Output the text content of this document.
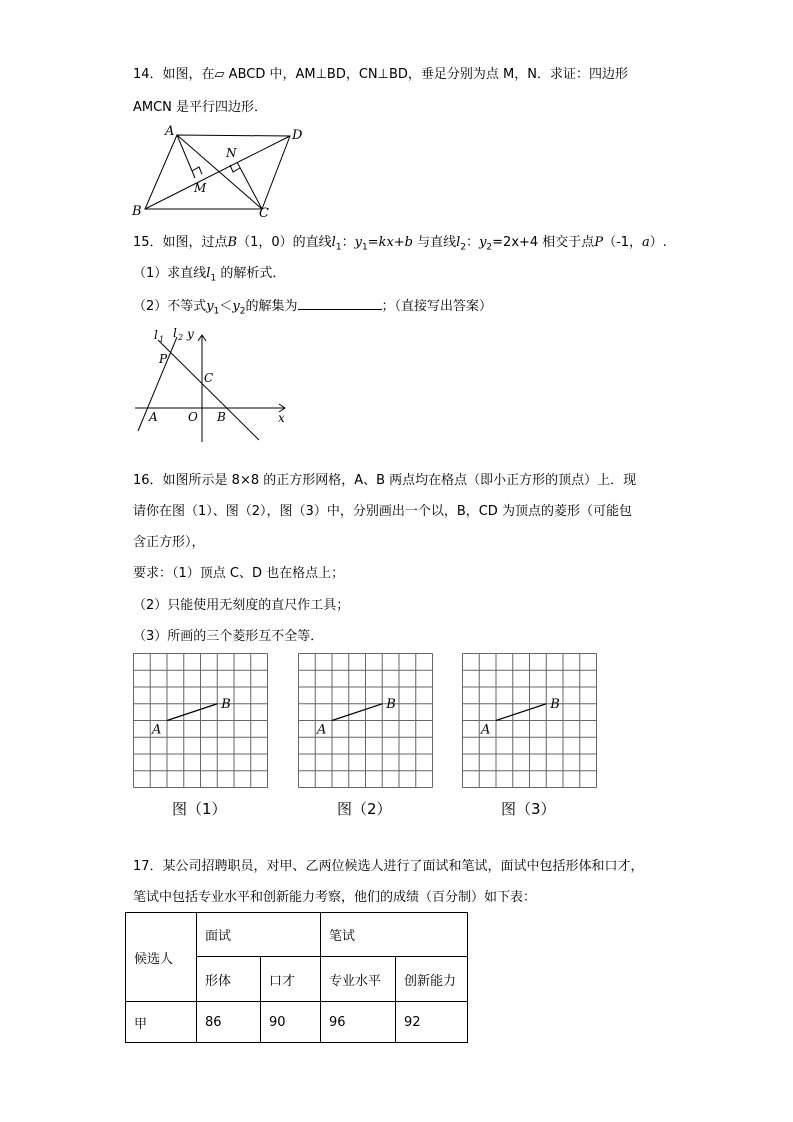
14．如图，在▱ ABCD 中，AM⊥BD，CN⊥BD，垂足分别为点 M，N．求证：四边形
AMCN 是平行四边形．
A	D
N
M
B	C
15．如图，过点B（1，0）的直线$l_1$：$y_1=kx+b$ 与直线$l_2$：$y_2=2x+4$ 相交于点P（-1，a）.
（1）求直线$l_1$ 的解析式．
（2）不等式$y_1<y_2$的解集为	；（直接写出答案）
l 1 l 2 y
P
C
A	O B	x
16．如图所示是 8×8 的正方形网格，A、B 两点均在格点（即小正方形的顶点）上．现
请你在图（1）、图（2），图（3）中，分别画出一个以，B，CD 为顶点的菱形（可能包
含正方形），
要求：（1）顶点 C、D 也在格点上；
（2）只能使用无刻度的直尺作工具；
（3）所画的三个菱形互不全等．
A
B
A
B
A
B
图（1）	图（2）	图（3）
17．某公司招聘职员，对甲、乙两位候选人进行了面试和笔试，面试中包括形体和口才，
笔试中包括专业水平和创新能力考察，他们的成绩（百分制）如下表：
候选人	面试		笔试	
	形体	口才	专业水平	创新能力
甲	86	90	96	92
